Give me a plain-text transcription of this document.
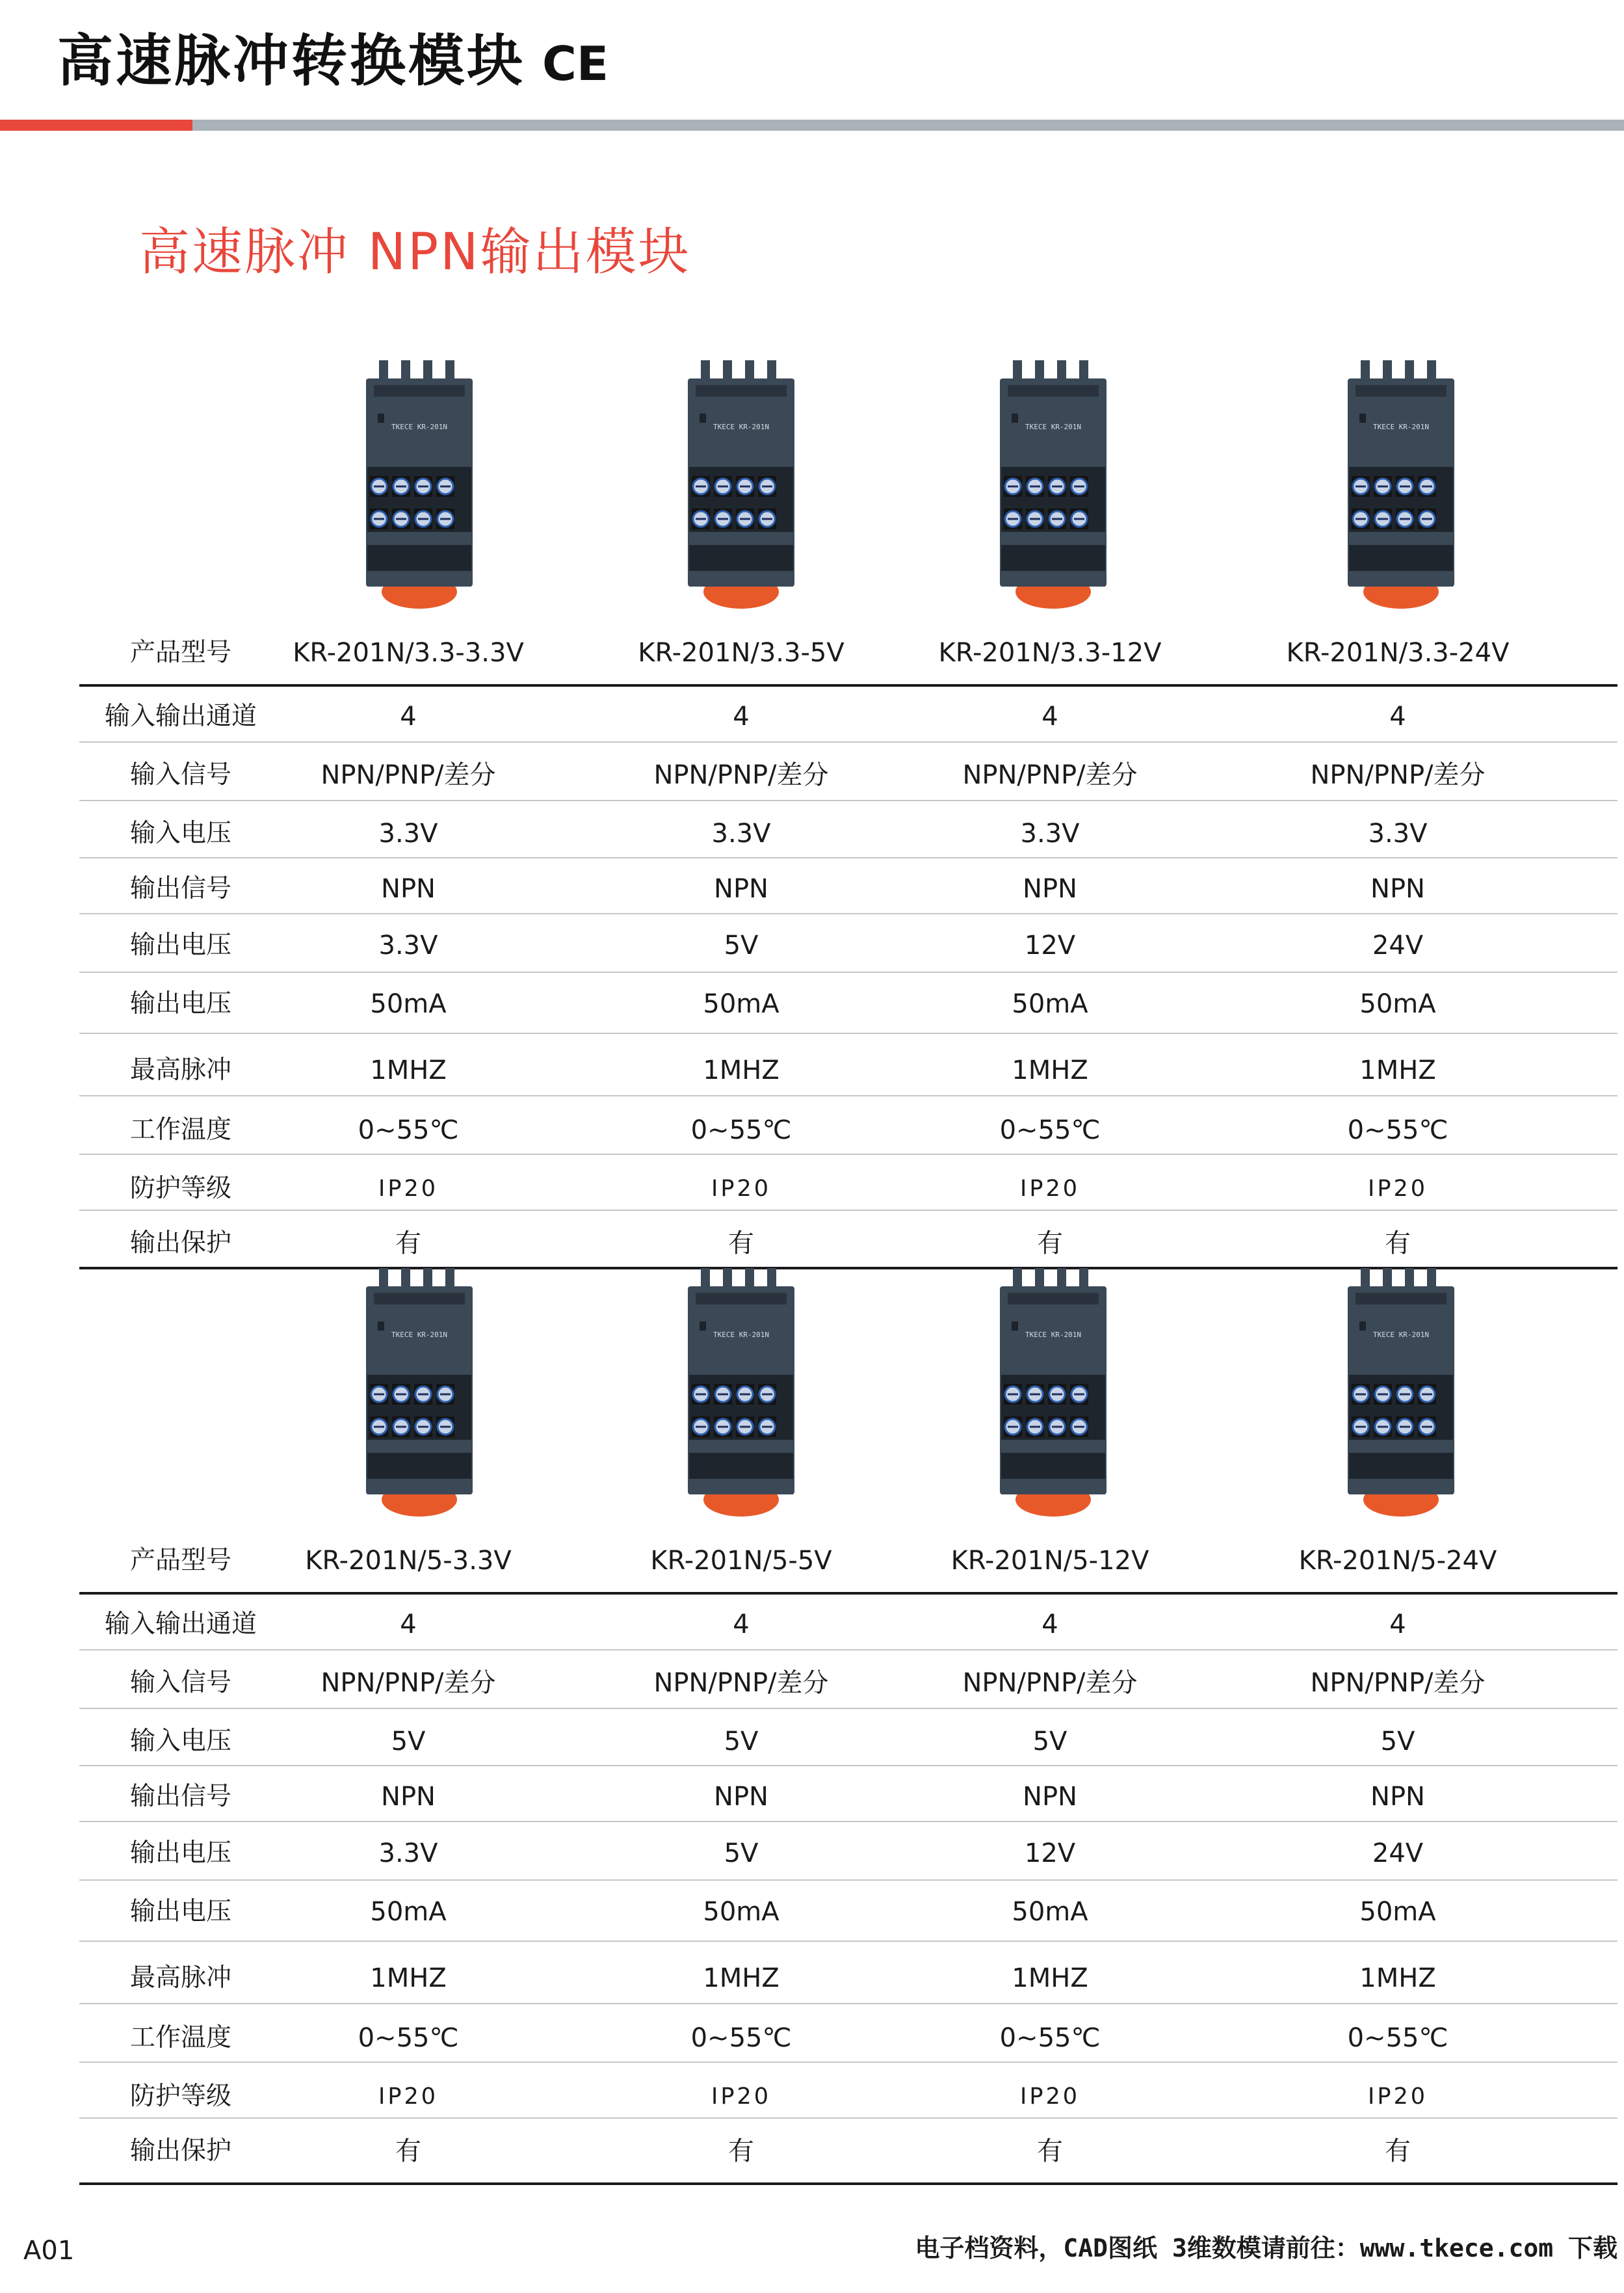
高速脉冲转换模块 CE
高速脉冲 NPN输出模块
TKECE KR-201N	TKECE KR-201N	TKECE KR-201N	TKECE KR-201N
产品型号 KR-201N/3.3-3.3V	KR-201N/3.3-5V	KR-201N/3.3-12V	KR-201N/3.3-24V
输入输出通道	4	4	4	4
输入信号	NPN/PNP/差分	NPN/PNP/差分	NPN/PNP/差分	NPN/PNP/差分
输入电压	3.3V	3.3V	3.3V	3.3V
输出信号	NPN	NPN	NPN	NPN
输出电压	3.3V	5V	12V	24V
输出电压	50mA	50mA	50mA	50mA
最高脉冲	1MHZ	1MHZ	1MHZ	1MHZ
工作温度	0~55℃	0~55℃	0~55℃	0~55℃
防护等级	IP20	IP20	IP20	IP20
输出保护	有	有	有	有
TKECE KR-201N	TKECE KR-201N	TKECE KR-201N	TKECE KR-201N
产品型号	KR-201N/5-3.3V	KR-201N/5-5V	KR-201N/5-12V	KR-201N/5-24V
输入输出通道	4	4	4	4
输入信号	NPN/PNP/差分	NPN/PNP/差分	NPN/PNP/差分	NPN/PNP/差分
输入电压	5V	5V	5V	5V
输出信号	NPN	NPN	NPN	NPN
输出电压	3.3V	5V	12V	24V
输出电压	50mA	50mA	50mA	50mA
最高脉冲	1MHZ	1MHZ	1MHZ	1MHZ
工作温度	0~55℃	0~55℃	0~55℃	0~55℃
防护等级	IP20	IP20	IP20	IP20
输出保护	有	有	有	有
A01	电子档资料，CAD图纸 3维数模请前往：www.tkece.com 下载
